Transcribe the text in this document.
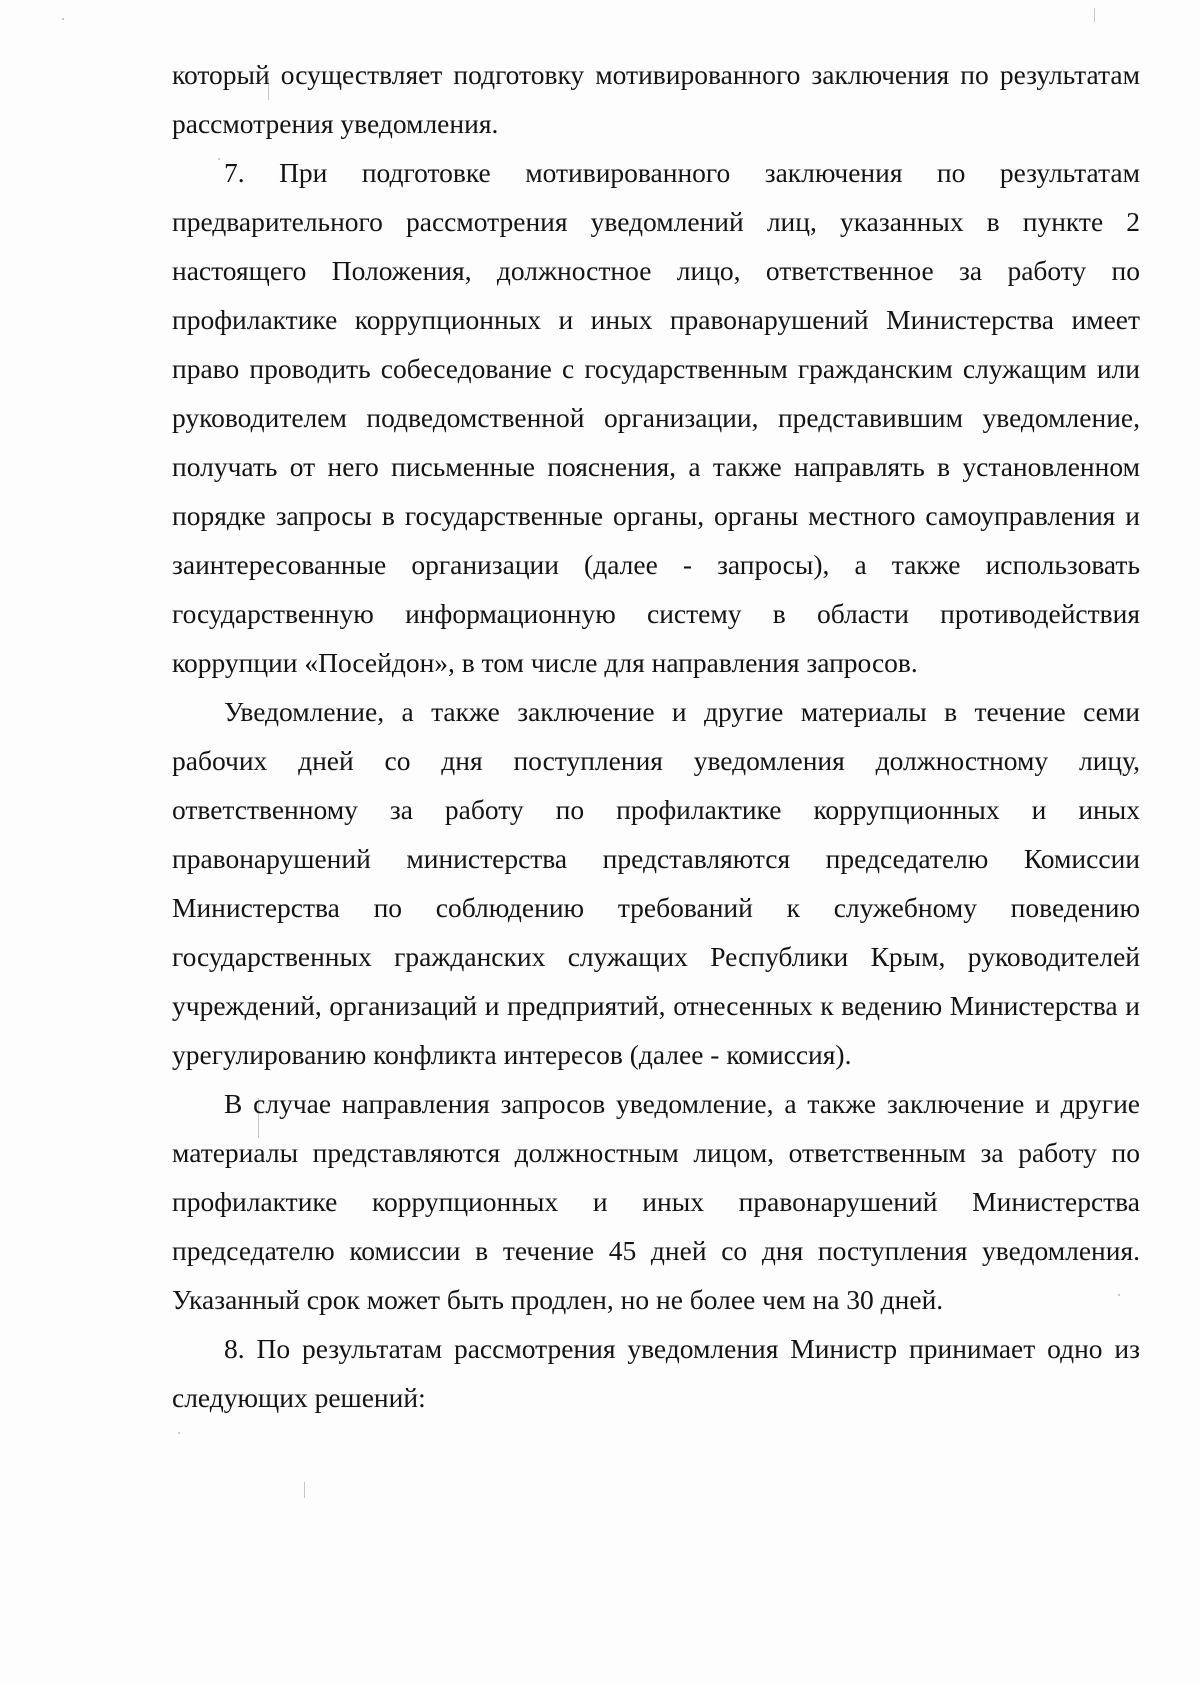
который осуществляет подготовку мотивированного заключения по результатам рассмотрения уведомления.

7. При подготовке мотивированного заключения по результатам предварительного рассмотрения уведомлений лиц, указанных в пункте 2 настоящего Положения, должностное лицо, ответственное за работу по профилактике коррупционных и иных правонарушений Министерства имеет право проводить собеседование с государственным гражданским служащим или руководителем подведомственной организации, представившим уведомление, получать от него письменные пояснения, а также направлять в установленном порядке запросы в государственные органы, органы местного самоуправления и заинтересованные организации (далее - запросы), а также использовать государственную информационную систему в области противодействия коррупции «Посейдон», в том числе для направления запросов.

Уведомление, а также заключение и другие материалы в течение семи рабочих дней со дня поступления уведомления должностному лицу, ответственному за работу по профилактике коррупционных и иных правонарушений министерства представляются председателю Комиссии Министерства по соблюдению требований к служебному поведению государственных гражданских служащих Республики Крым, руководителей учреждений, организаций и предприятий, отнесенных к ведению Министерства и урегулированию конфликта интересов (далее - комиссия).

В случае направления запросов уведомление, а также заключение и другие материалы представляются должностным лицом, ответственным за работу по профилактике коррупционных и иных правонарушений Министерства председателю комиссии в течение 45 дней со дня поступления уведомления. Указанный срок может быть продлен, но не более чем на 30 дней.

8. По результатам рассмотрения уведомления Министр принимает одно из следующих решений:
